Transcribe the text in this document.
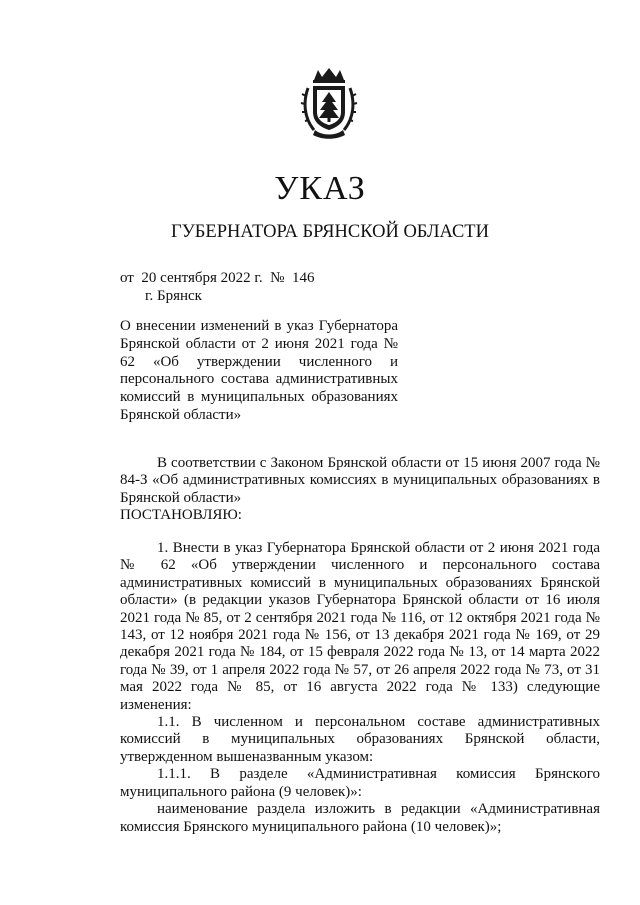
УКАЗ
ГУБЕРНАТОРА БРЯНСКОЙ ОБЛАСТИ
от  20 сентября 2022 г.  №  146
г. Брянск
О внесении изменений в указ Губернатора Брянской области от 2 июня 2021 года № 62 «Об утверждении численного и персонального состава административных комиссий в муниципальных образованиях Брянской области»

В соответствии с Законом Брянской области от 15 июня 2007 года № 84-З «Об административных комиссиях в муниципальных образованиях в Брянской области»

ПОСТАНОВЛЯЮ:

1. Внести в указ Губернатора Брянской области от 2 июня 2021 года № 62 «Об утверждении численного и персонального состава административных комиссий в муниципальных образованиях Брянской области» (в редакции указов Губернатора Брянской области от 16 июля 2021 года № 85, от 2 сентября 2021 года № 116, от 12 октября 2021 года № 143, от 12 ноября 2021 года № 156, от 13 декабря 2021 года № 169, от 29 декабря 2021 года № 184, от 15 февраля 2022 года № 13, от 14 марта 2022 года № 39, от 1 апреля 2022 года № 57, от 26 апреля 2022 года № 73, от 31 мая 2022 года № 85, от 16 августа 2022 года № 133) следующие изменения:

1.1. В численном и персональном составе административных комиссий в муниципальных образованиях Брянской области, утвержденном вышеназванным указом:

1.1.1. В разделе «Административная комиссия Брянского муниципального района (9 человек)»:

наименование раздела изложить в редакции «Административная комиссия Брянского муниципального района (10 человек)»;
